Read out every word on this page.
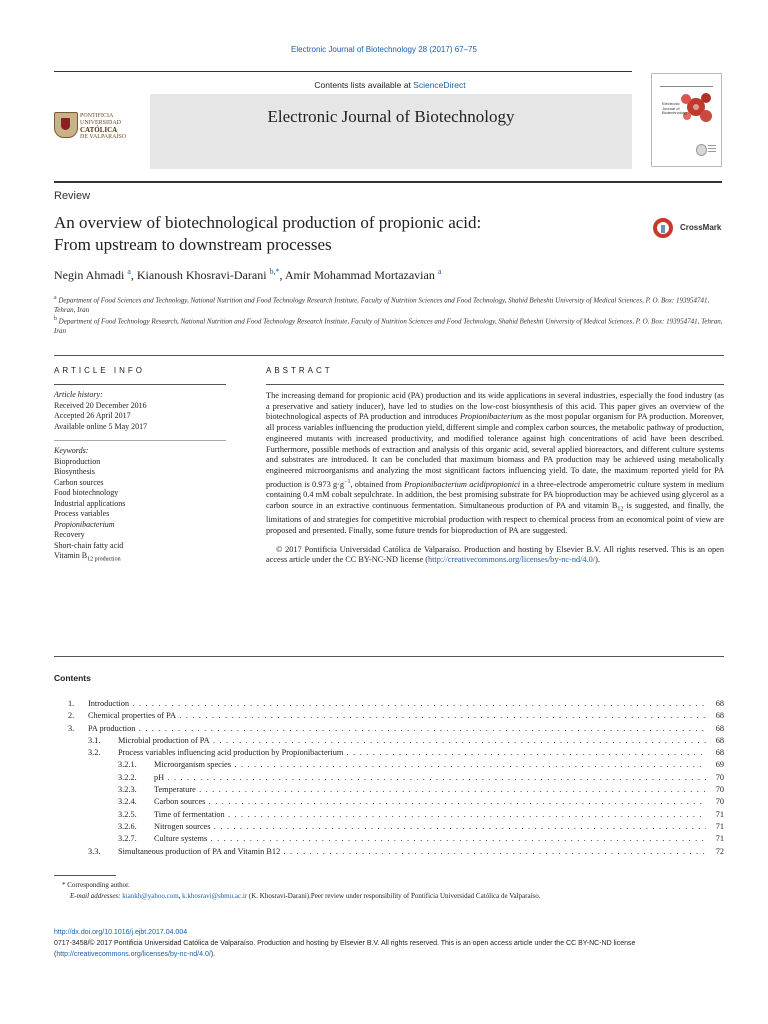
Electronic Journal of Biotechnology 28 (2017) 67–75
Contents lists available at ScienceDirect
Electronic Journal of Biotechnology
PONTIFICIA UNIVERSIDAD
CATÓLICA
DE VALPARAÍSO
Electronic
Journal of
Biotechnology
Review
An overview of biotechnological production of propionic acid:
From upstream to downstream processes
CrossMark
Negin Ahmadi $^a$, Kianoush Khosravi-Darani $^{b,*}$, Amir Mohammad Mortazavian $^a$
$^a$ Department of Food Sciences and Technology, National Nutrition and Food Technology Research Institute, Faculty of Nutrition Sciences and Food Technology, Shahid Beheshti University of Medical Sciences, P. O. Box: 193954741, Tehran, Iran
$^b$ Department of Food Technology Research, National Nutrition and Food Technology Research Institute, Faculty of Nutrition Sciences and Food Technology, Shahid Beheshti University of Medical Sciences, P. O. Box: 193954741, Tehran, Iran
ARTICLE INFO
Article history:
Received 20 December 2016
Accepted 26 April 2017
Available online 5 May 2017
Keywords:
Bioproduction
Biosynthesis
Carbon sources
Food biotechnology
Industrial applications
Process variables
Propionibacterium
Recovery
Short-chain fatty acid
Vitamin $B_{12 production}$
ABSTRACT

The increasing demand for propionic acid (PA) production and its wide applications in several industries, especially the food industry (as a preservative and satiety inducer), have led to studies on the low-cost biosynthesis of this acid. This paper gives an overview of the biotechnological aspects of PA production and introduces Propionibacterium as the most popular organism for PA production. Moreover, all process variables influencing the production yield, different simple and complex carbon sources, the metabolic pathway of production, engineered mutants with increased productivity, and modified tolerance against high concentrations of acid have been described. Furthermore, possible methods of extraction and analysis of this organic acid, several applied bioreactors, and different culture systems and substrates are introduced. It can be concluded that maximum biomass and PA production may be achieved using metabolically engineered microorganisms and analyzing the most significant factors influencing yield. To date, the maximum reported yield for PA production is 0.973 $g\cdot g^{-1}$, obtained from Propionibacterium acidipropionici in a three-electrode amperometric culture system in medium containing 0.4 mM cobalt sepulchrate. In addition, the best promising substrate for PA bioproduction may be achieved using glycerol as a carbon source in an extractive continuous fermentation. Simultaneous production of PA and vitamin $B_{12}$ is suggested, and finally, the limitations of and strategies for competitive microbial production with respect to chemical process from an economical point of view are proposed and presented. Finally, some future trends for bioproduction of PA are suggested.

© 2017 Pontificia Universidad Católica de Valparaíso. Production and hosting by Elsevier B.V. All rights reserved. This is an open access article under the CC BY-NC-ND license (http://creativecommons.org/licenses/by-nc-nd/4.0/).

Contents
1. Introduction . . .	68
2. Chemical properties of PA . . .	68
3. PA production . . .	68
3.1. Microbial production of PA . . .	68
3.2. Process variables influencing acid production by Propionibacterium . . .	68
3.2.1. Microorganism species . . .	69
3.2.2. pH . . .	70
3.2.3. Temperature . . .	70
3.2.4. Carbon sources . . .	70
3.2.5. Time of fermentation . . .	71
3.2.6. Nitrogen sources . . .	71
3.2.7. Culture systems . . .	71
3.3. Simultaneous production of PA and Vitamin B12 . . .	72
* Corresponding author.
E-mail addresses: kiankh@yahoo.com, k.khosravi@sbmu.ac.ir (K. Khosravi-Darani).Peer review under responsibility of Pontificia Universidad Católica de Valparaíso.
http://dx.doi.org/10.1016/j.ejbt.2017.04.004
0717-3458/© 2017 Pontificia Universidad Católica de Valparaíso. Production and hosting by Elsevier B.V. All rights reserved. This is an open access article under the CC BY-NC-ND license
(http://creativecommons.org/licenses/by-nc-nd/4.0/).
